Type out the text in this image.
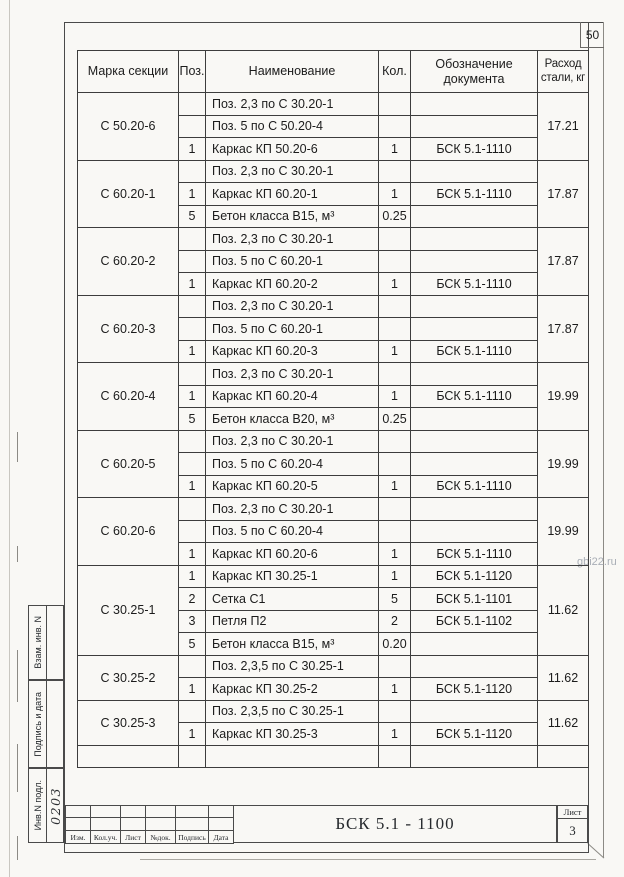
50
gbi22.ru
Марка секции	Поз.	Наименование	Кол.	Обозначение документа	Расход стали, кг
С 50.20-6		Поз. 2,3 по С 30.20-1			17.21
		Поз. 5 по С 50.20-4			
	1	Каркас КП 50.20-6	1	БСК 5.1-1110	
С 60.20-1		Поз. 2,3 по С 30.20-1			17.87
	1	Каркас КП 60.20-1	1	БСК 5.1-1110	
	5	Бетон класса В15, м³	0.25		
С 60.20-2		Поз. 2,3 по С 30.20-1			17.87
		Поз. 5 по С 60.20-1			
	1	Каркас КП 60.20-2	1	БСК 5.1-1110	
С 60.20-3		Поз. 2,3 по С 30.20-1			17.87
		Поз. 5 по С 60.20-1			
	1	Каркас КП 60.20-3	1	БСК 5.1-1110	
С 60.20-4		Поз. 2,3 по С 30.20-1			19.99
	1	Каркас КП 60.20-4	1	БСК 5.1-1110	
	5	Бетон класса В20, м³	0.25		
С 60.20-5		Поз. 2,3 по С 30.20-1			19.99
		Поз. 5 по С 60.20-4			
	1	Каркас КП 60.20-5	1	БСК 5.1-1110	
С 60.20-6		Поз. 2,3 по С 30.20-1			19.99
		Поз. 5 по С 60.20-4			
	1	Каркас КП 60.20-6	1	БСК 5.1-1110	
С 30.25-1	1	Каркас КП 30.25-1	1	БСК 5.1-1120	11.62
	2	Сетка С1	5	БСК 5.1-1101	
	3	Петля П2	2	БСК 5.1-1102	
	5	Бетон класса В15, м³	0.20		
С 30.25-2		Поз. 2,3,5 по С 30.25-1			11.62
	1	Каркас КП 30.25-2	1	БСК 5.1-1120	
С 30.25-3		Поз. 2,3,5 по С 30.25-1			11.62
	1	Каркас КП 30.25-3	1	БСК 5.1-1120	

Взам. инв. N
Подпись и дата
Инв.N подл. 0203

Изм.	Кол.уч.	Лист	№док.	Подпись	Дата
БСК 5.1 - 1100
Лист
3
